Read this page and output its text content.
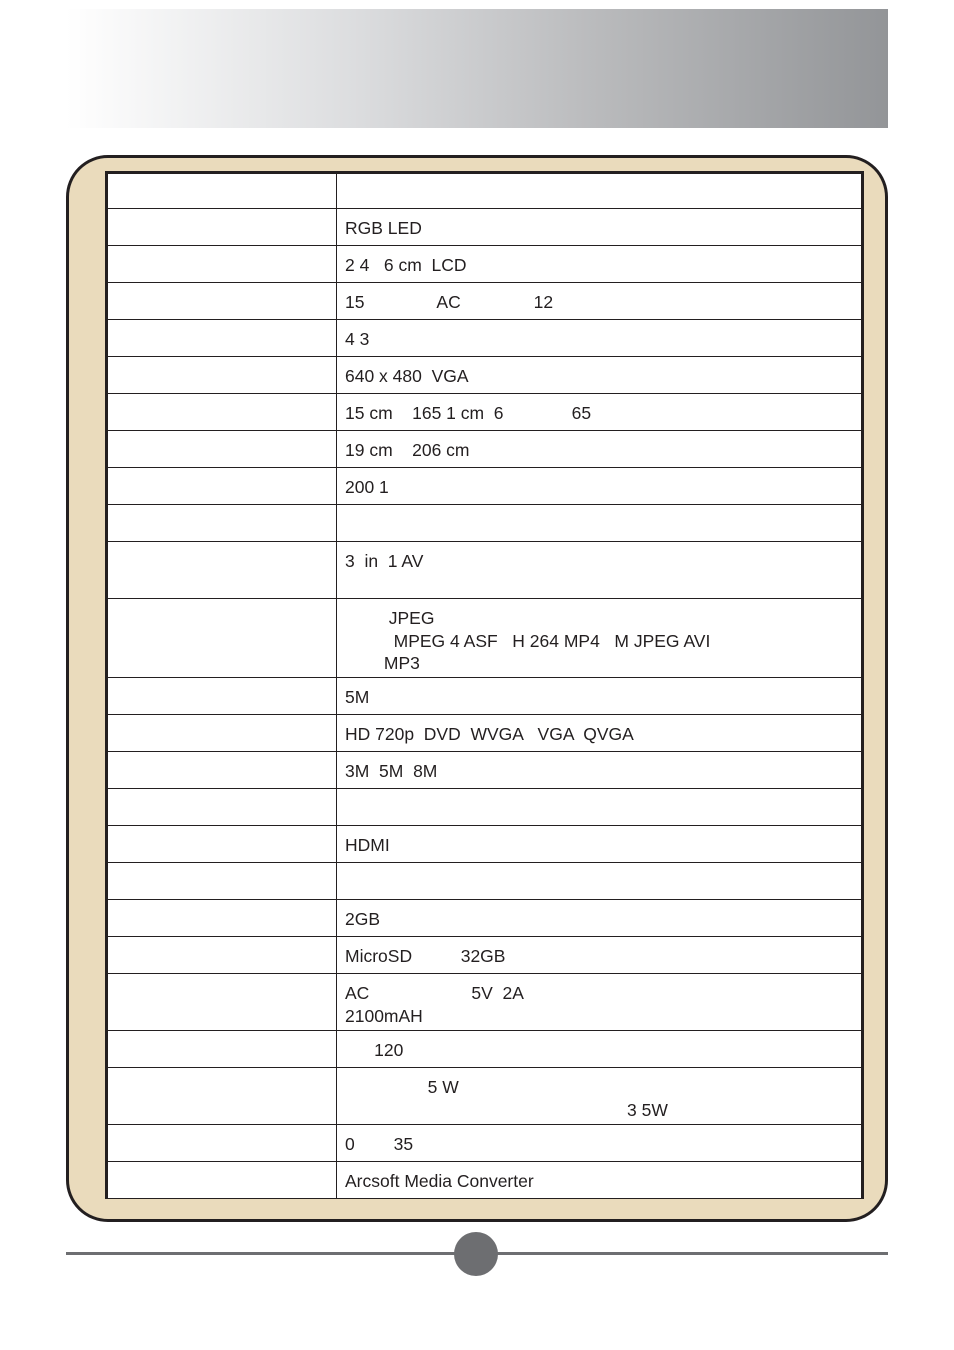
	RGB LED
	2 4   6 cm  LCD
	15               AC               12
	4 3
	640 x 480  VGA
	15 cm    165 1 cm  6              65
	19 cm    206 cm
	200 1

	3  in  1 AV
	JPEG
MPEG 4 ASF   H 264 MP4   M JPEG AVI
MP3
	5M
	HD 720p  DVD  WVGA   VGA  QVGA
	3M  5M  8M

	HDMI

	2GB
	MicroSD          32GB
	AC                     5V  2A
2100mAH
	120
	5 W
3 5W
	0        35
	Arcsoft Media Converter
